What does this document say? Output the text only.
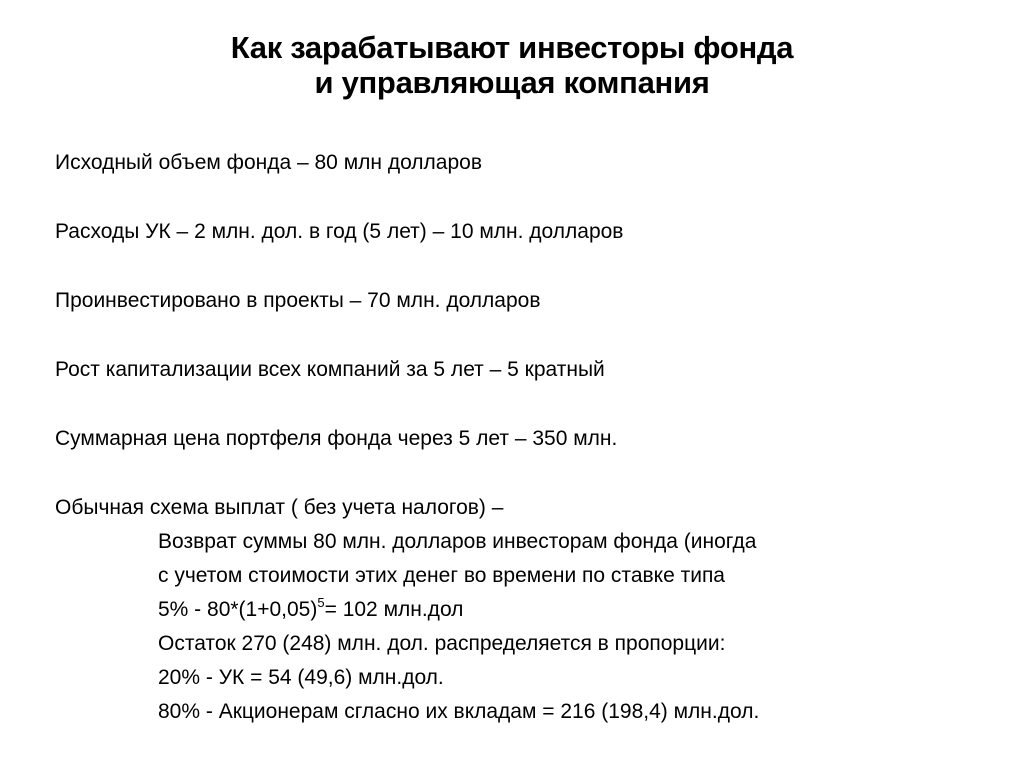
Как зарабатывают инвесторы фонда
и управляющая компания

Исходный объем фонда – 80 млн долларов

Расходы УК – 2 млн. дол. в год (5 лет) – 10 млн. долларов

Проинвестировано в проекты – 70 млн. долларов

Рост капитализации всех компаний за 5 лет – 5 кратный

Суммарная цена портфеля фонда через 5 лет – 350 млн.

Обычная схема выплат ( без учета налогов) –

Возврат суммы 80 млн. долларов инвесторам фонда (иногда
с учетом стоимости этих денег во времени по ставке типа
$5\% - 80*(1+0,05)^5= 102$ млн.дол
Остаток 270 (248) млн. дол. распределяется в пропорции:
20% - УК = 54 (49,6) млн.дол.
80% - Акционерам сгласно их вкладам = 216 (198,4) млн.дол.
